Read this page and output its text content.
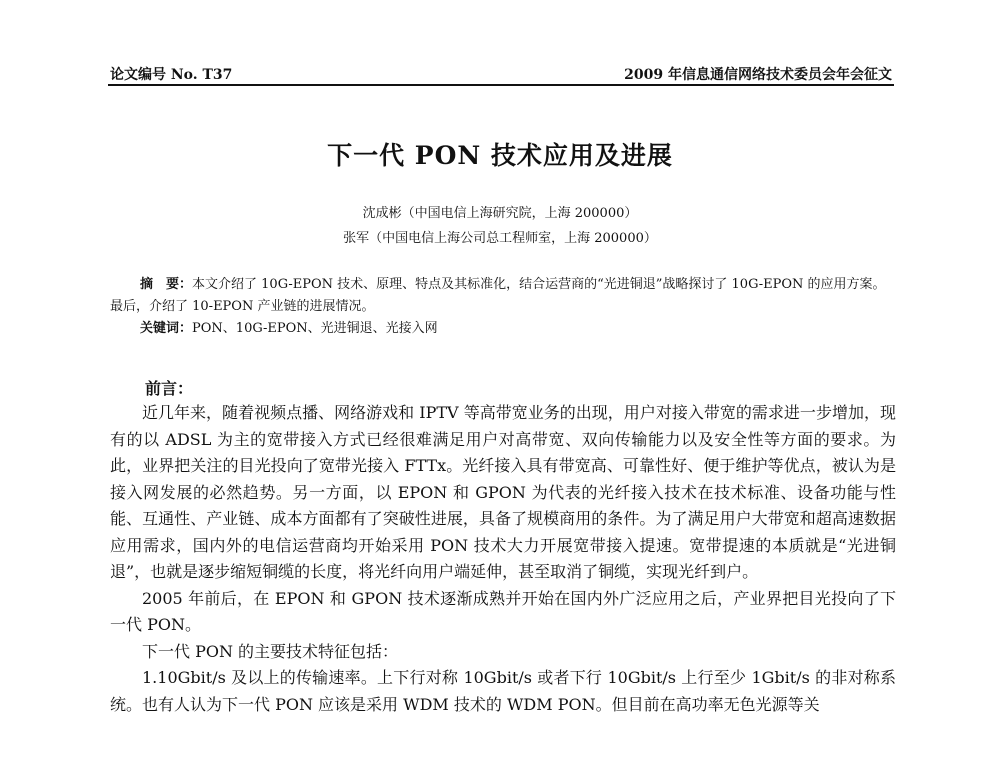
论文编号 No. T37	2009 年信息通信网络技术委员会年会征文
下一代 PON 技术应用及进展
沈成彬（中国电信上海研究院，上海 200000）
张军（中国电信上海公司总工程师室，上海 200000）

摘　要：本文介绍了 10G-EPON 技术、原理、特点及其标准化，结合运营商的“光进铜退”战略探讨了 10G-EPON 的应用方案。最后，介绍了 10-EPON 产业链的进展情况。

关键词：PON、10G-EPON、光进铜退、光接入网

前言：

近几年来，随着视频点播、网络游戏和 IPTV 等高带宽业务的出现，用户对接入带宽的需求进一步增加，现有的以 ADSL 为主的宽带接入方式已经很难满足用户对高带宽、双向传输能力以及安全性等方面的要求。为此，业界把关注的目光投向了宽带光接入 FTTx。光纤接入具有带宽高、可靠性好、便于维护等优点，被认为是接入网发展的必然趋势。另一方面，以 EPON 和 GPON 为代表的光纤接入技术在技术标准、设备功能与性能、互通性、产业链、成本方面都有了突破性进展，具备了规模商用的条件。为了满足用户大带宽和超高速数据应用需求，国内外的电信运营商均开始采用 PON 技术大力开展宽带接入提速。宽带提速的本质就是“光进铜退”，也就是逐步缩短铜缆的长度，将光纤向用户端延伸，甚至取消了铜缆，实现光纤到户。

2005 年前后，在 EPON 和 GPON 技术逐渐成熟并开始在国内外广泛应用之后，产业界把目光投向了下一代 PON。

下一代 PON 的主要技术特征包括：

1.10Gbit/s 及以上的传输速率。上下行对称 10Gbit/s 或者下行 10Gbit/s 上行至少 1Gbit/s 的非对称系统。也有人认为下一代 PON 应该是采用 WDM 技术的 WDM PON。但目前在高功率无色光源等关
